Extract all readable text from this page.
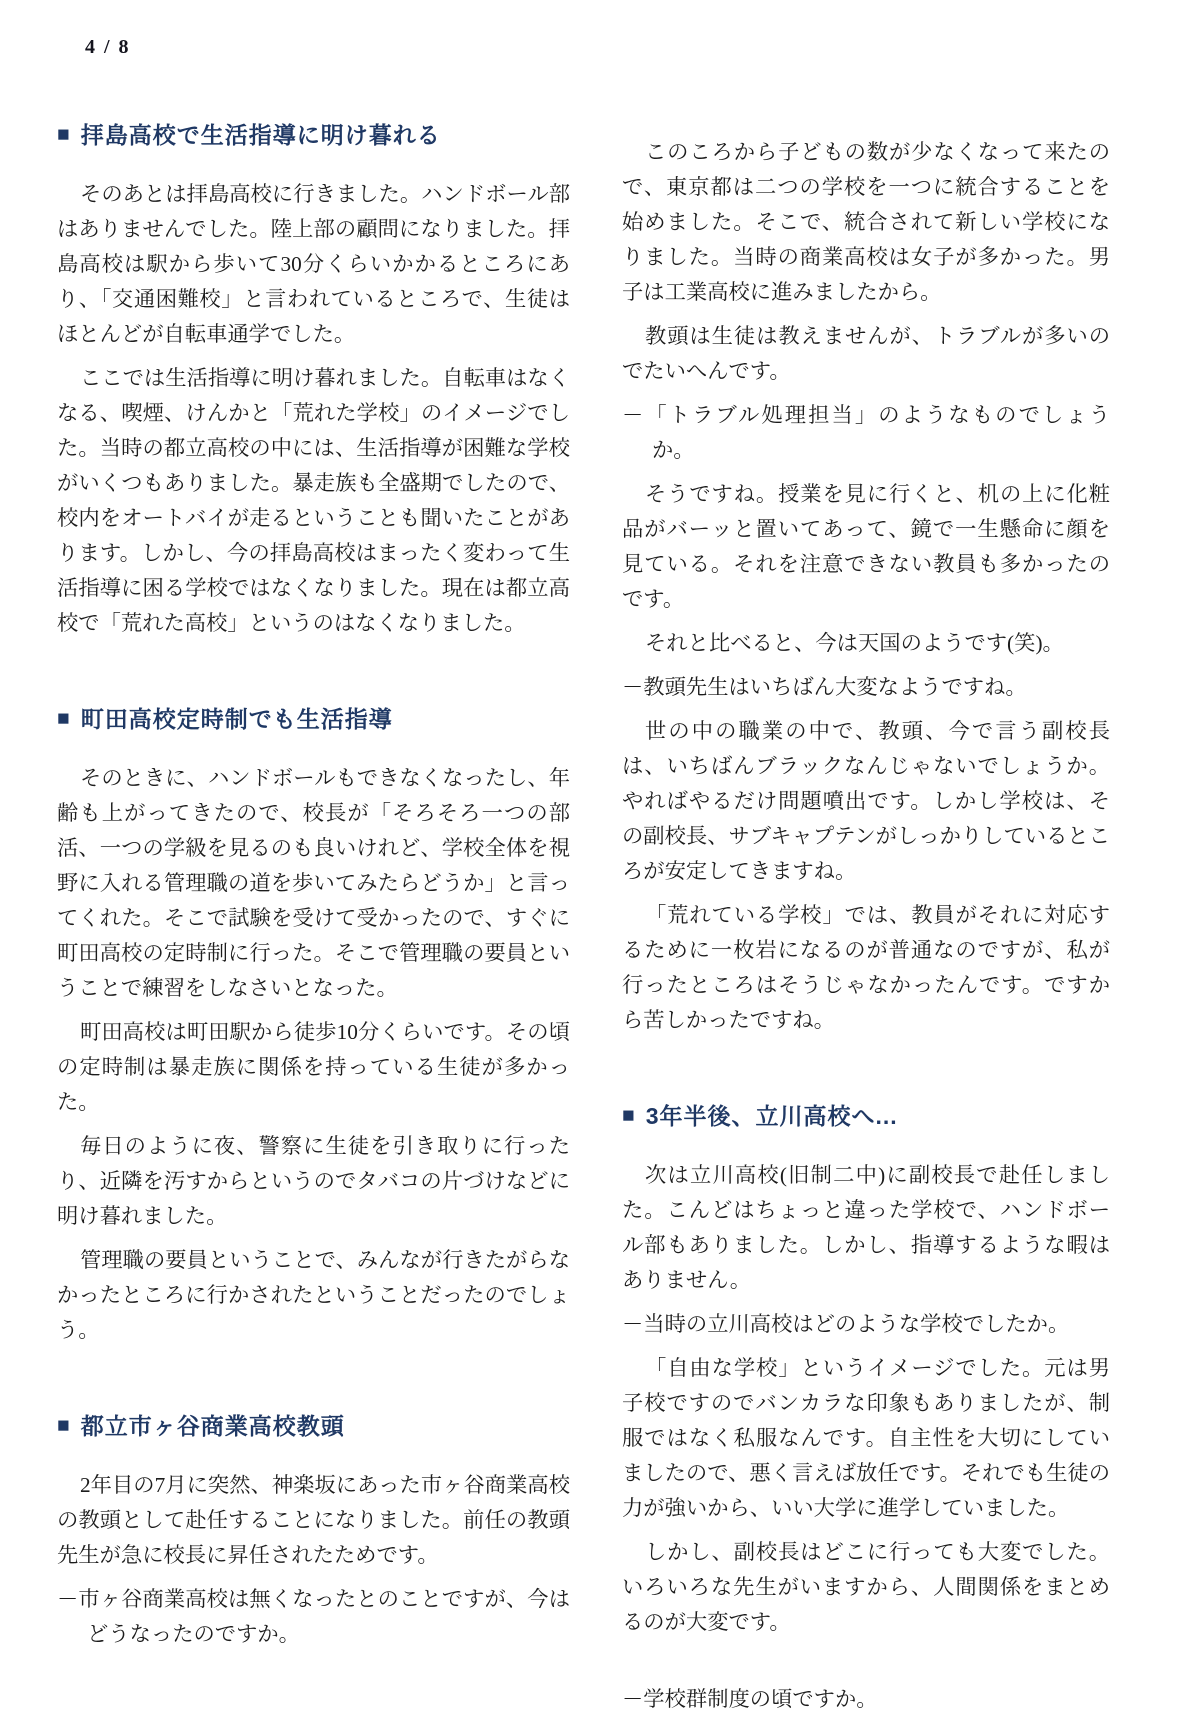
4 / 8
■ 拝島高校で生活指導に明け暮れる

そのあとは拝島高校に行きました。ハンドボール部はありませんでした。陸上部の顧問になりました。拝島高校は駅から歩いて30分くらいかかるところにあり、「交通困難校」と言われているところで、生徒はほとんどが自転車通学でした。

ここでは生活指導に明け暮れました。自転車はなくなる、喫煙、けんかと「荒れた学校」のイメージでした。当時の都立高校の中には、生活指導が困難な学校がいくつもありました。暴走族も全盛期でしたので、校内をオートバイが走るということも聞いたことがあります。しかし、今の拝島高校はまったく変わって生活指導に困る学校ではなくなりました。現在は都立高校で「荒れた高校」というのはなくなりました。

■ 町田高校定時制でも生活指導

そのときに、ハンドボールもできなくなったし、年齢も上がってきたので、校長が「そろそろ一つの部活、一つの学級を見るのも良いけれど、学校全体を視野に入れる管理職の道を歩いてみたらどうか」と言ってくれた。そこで試験を受けて受かったので、すぐに町田高校の定時制に行った。そこで管理職の要員ということで練習をしなさいとなった。

町田高校は町田駅から徒歩10分くらいです。その頃の定時制は暴走族に関係を持っている生徒が多かった。

毎日のように夜、警察に生徒を引き取りに行ったり、近隣を汚すからというのでタバコの片づけなどに明け暮れました。

管理職の要員ということで、みんなが行きたがらなかったところに行かされたということだったのでしょう。

■ 都立市ヶ谷商業高校教頭

2年目の7月に突然、神楽坂にあった市ヶ谷商業高校の教頭として赴任することになりました。前任の教頭先生が急に校長に昇任されたためです。

－市ヶ谷商業高校は無くなったとのことですが、今はどうなったのですか。

このころから子どもの数が少なくなって来たので、東京都は二つの学校を一つに統合することを始めました。そこで、統合されて新しい学校になりました。当時の商業高校は女子が多かった。男子は工業高校に進みましたから。

教頭は生徒は教えませんが、トラブルが多いのでたいへんです。

－「トラブル処理担当」のようなものでしょうか。

そうですね。授業を見に行くと、机の上に化粧品がバーッと置いてあって、鏡で一生懸命に顔を見ている。それを注意できない教員も多かったのです。

それと比べると、今は天国のようです(笑)。

－教頭先生はいちばん大変なようですね。

世の中の職業の中で、教頭、今で言う副校長は、いちばんブラックなんじゃないでしょうか。やればやるだけ問題噴出です。しかし学校は、その副校長、サブキャプテンがしっかりしているところが安定してきますね。

「荒れている学校」では、教員がそれに対応するために一枚岩になるのが普通なのですが、私が行ったところはそうじゃなかったんです。ですから苦しかったですね。

■ 3年半後、立川高校へ...

次は立川高校(旧制二中)に副校長で赴任しました。こんどはちょっと違った学校で、ハンドボール部もありました。しかし、指導するような暇はありません。

－当時の立川高校はどのような学校でしたか。

「自由な学校」というイメージでした。元は男子校ですのでバンカラな印象もありましたが、制服ではなく私服なんです。自主性を大切にしていましたので、悪く言えば放任です。それでも生徒の力が強いから、いい大学に進学していました。

しかし、副校長はどこに行っても大変でした。いろいろな先生がいますから、人間関係をまとめるのが大変です。

－学校群制度の頃ですか。
